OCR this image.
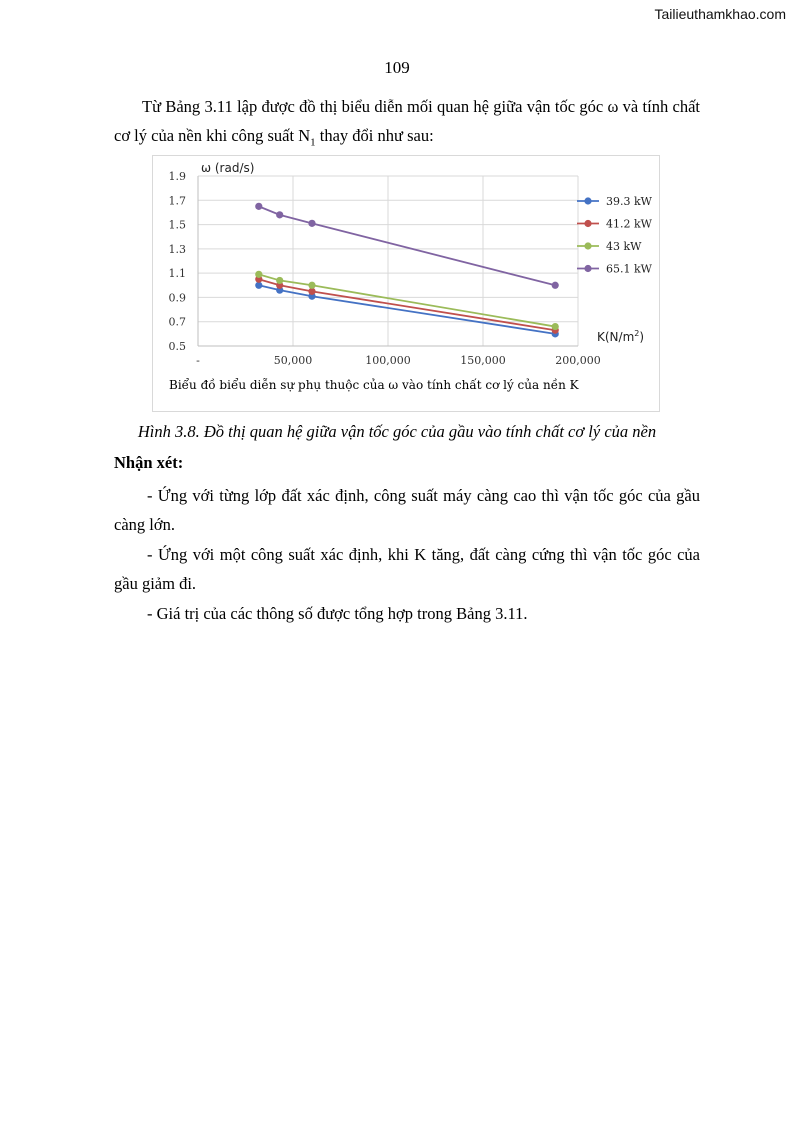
Tailieuthamkhao.com
109
Từ Bảng 3.11 lập được đồ thị biểu diễn mối quan hệ giữa vận tốc góc ω và tính chất cơ lý của nền khi công suất $N_1$ thay đổi như sau:
0.5
0.7
0.9
1.1
1.3
1.5
1.7
1.9
-	50,000	100,000	150,000	200,000
ω (rad/s)
$K(N/m^2)$
39.3 kW
41.2 kW
43 kW
65.1 kW
Biểu đồ biểu diễn sự phụ thuộc của ω vào tính chất cơ lý của nền K
Hình 3.8. Đồ thị quan hệ giữa vận tốc góc của gầu vào tính chất cơ lý của nền
Nhận xét:
- Ứng với từng lớp đất xác định, công suất máy càng cao thì vận tốc góc của gầu càng lớn.
- Ứng với một công suất xác định, khi K tăng, đất càng cứng thì vận tốc góc của gầu giảm đi.
- Giá trị của các thông số được tổng hợp trong Bảng 3.11.
